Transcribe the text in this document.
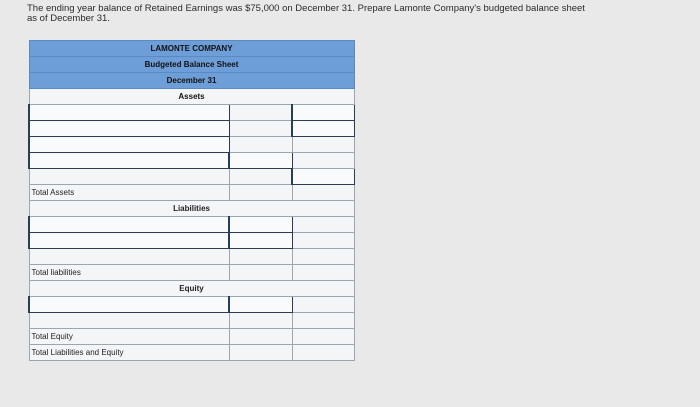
The ending year balance of Retained Earnings was $75,000 on December 31. Prepare Lamonte Company's budgeted balance sheet
as of December 31.
LAMONTE COMPANY		
Budgeted Balance Sheet		
December 31		
Assets		

Total Assets		
Liabilities		

Total liabilities		
Equity		

Total Equity		
Total Liabilities and Equity		
